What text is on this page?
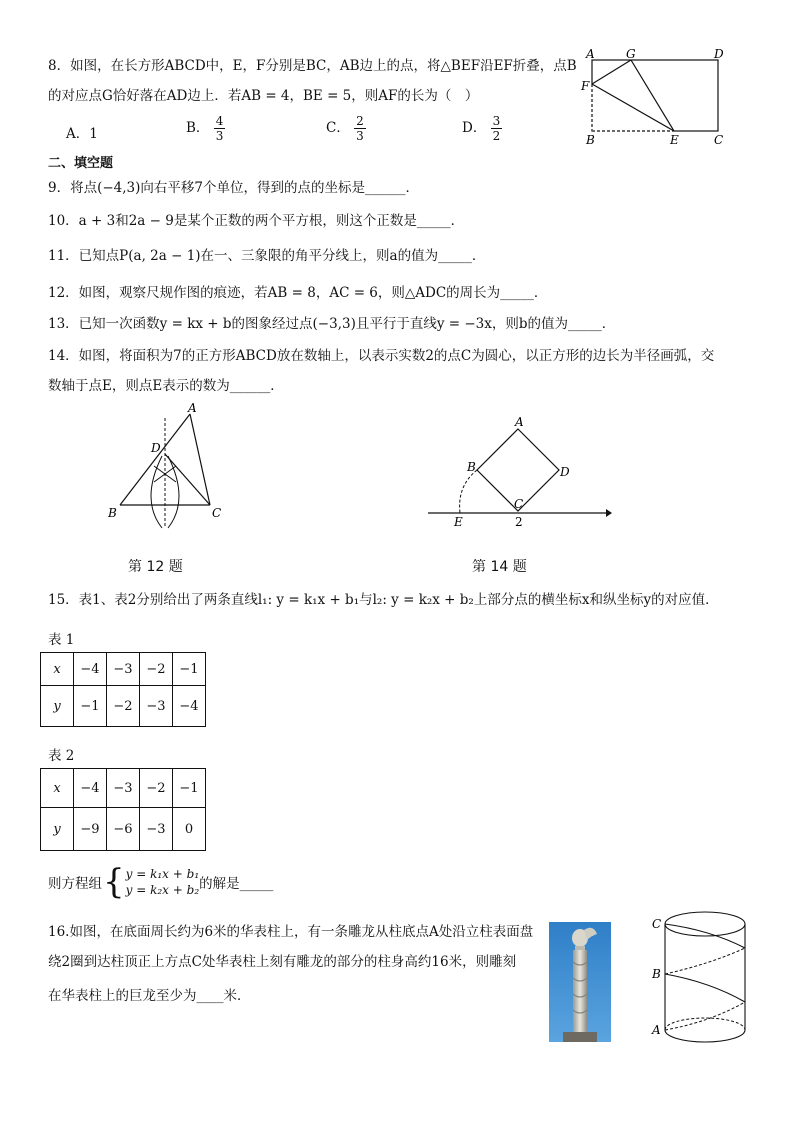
8．如图，在长方形ABCD中，E，F分别是BC，AB边上的点，将△BEF沿EF折叠，点B
的对应点G恰好落在AD边上．若AB = 4，BE = 5，则AF的长为（　）
A．1	B． $\frac{4}{3}$	C． $\frac{2}{3}$	D． $\frac{3}{2}$
A	G	D
F
B	E	C
二、填空题
9．将点(−4,3)向右平移7个单位，得到的点的坐标是______．
10．a + 3和2a − 9是某个正数的两个平方根，则这个正数是_____．
11．已知点P(a, 2a − 1)在一、三象限的角平分线上，则a的值为_____．
12．如图，观察尺规作图的痕迹，若AB = 8，AC = 6，则△ADC的周长为_____．
13．已知一次函数y = kx + b的图象经过点(−3,3)且平行于直线y = −3x，则b的值为_____．
14．如图，将面积为7的正方形ABCD放在数轴上，以表示实数2的点C为圆心，以正方形的边长为半径画弧，交
数轴于点E，则点E表示的数为______．
A
D
B	C
第 12 题
A
B	D
C
E	2
第 14 题
15．表1、表2分别给出了两条直线l₁: y = k₁x + b₁与l₂: y = k₂x + b₂上部分点的横坐标x和纵坐标y的对应值．
表 1
x	−4	−3	−2	−1
y	−1	−2	−3	−4
表 2
x	−4	−3	−2	−1
y	−9	−6	−3	0
则方程组 { y = k₁x + b₁
y = k₂x + b₂ 的解是_____
16.如图，在底面周长约为6米的华表柱上，有一条雕龙从柱底点A处沿立柱表面盘
绕2圈到达柱顶正上方点C处华表柱上刻有雕龙的部分的柱身高约16米，则雕刻
在华表柱上的巨龙至少为____米．
C
B
A
